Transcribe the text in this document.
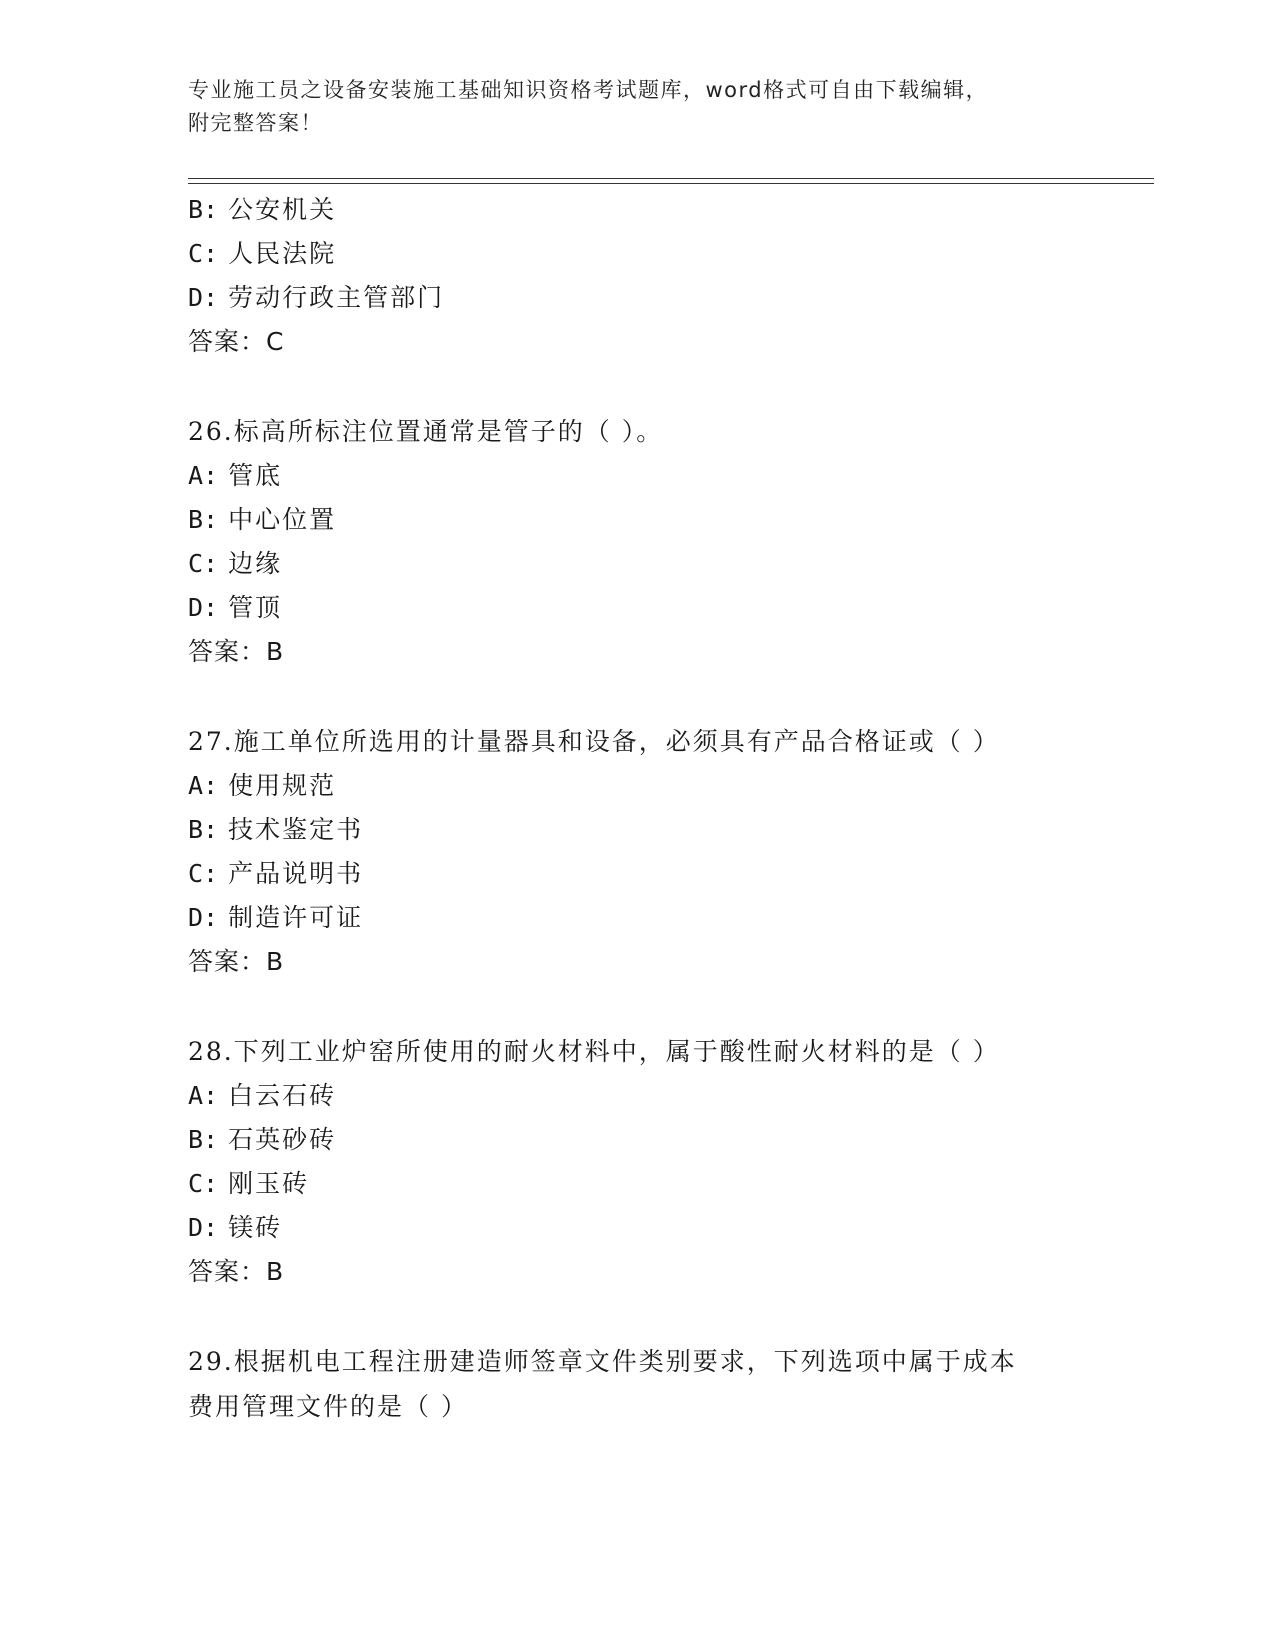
专业施工员之设备安装施工基础知识资格考试题库，word格式可自由下载编辑，
附完整答案！
B: 公安机关
C: 人民法院
D: 劳动行政主管部门
答案：C
26.标高所标注位置通常是管子的（ ）。
A: 管底
B: 中心位置
C: 边缘
D: 管顶
答案：B
27.施工单位所选用的计量器具和设备，必须具有产品合格证或（ ）
A: 使用规范
B: 技术鉴定书
C: 产品说明书
D: 制造许可证
答案：B
28.下列工业炉窑所使用的耐火材料中，属于酸性耐火材料的是（ ）
A: 白云石砖
B: 石英砂砖
C: 刚玉砖
D: 镁砖
答案：B
29.根据机电工程注册建造师签章文件类别要求，下列选项中属于成本
费用管理文件的是（ ）
